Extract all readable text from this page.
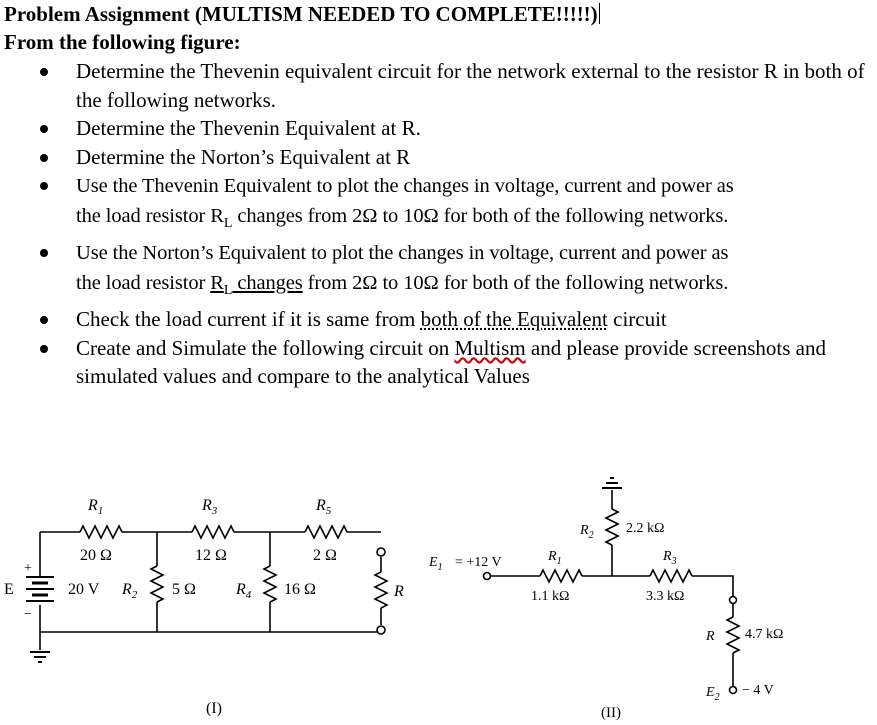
Problem Assignment (MULTISM NEEDED TO COMPLETE!!!!!)
From the following figure:
Determine the Thevenin equivalent circuit for the network external to the resistor R in both of the following networks.
Determine the Thevenin Equivalent at R.
Determine the Norton’s Equivalent at R
Use the Thevenin Equivalent to plot the changes in voltage, current and power as
the load resistor $R_L$ changes from 2Ω to 10Ω for both of the following networks.
Use the Norton’s Equivalent to plot the changes in voltage, current and power as
the load resistor $R_L$ changes from 2Ω to 10Ω for both of the following networks.
Check the load current if it is same from both of the Equivalent circuit
Create and Simulate the following circuit on Multism and please provide screenshots and simulated values and compare to the analytical Values
$R_1$
20 Ω
$R_3$
12 Ω
$R_5$
2 Ω
$R_2$ 5 Ω	$R_4$ 16 Ω	R
E	20 V
+
−
(I)
$E_1 = +12$ V	$R_1$
1.1 kΩ
$R_2$ 2.2 kΩ
$R_3$
3.3 kΩ
R 4.7 kΩ
$E_2 - 4$ V
(II)
